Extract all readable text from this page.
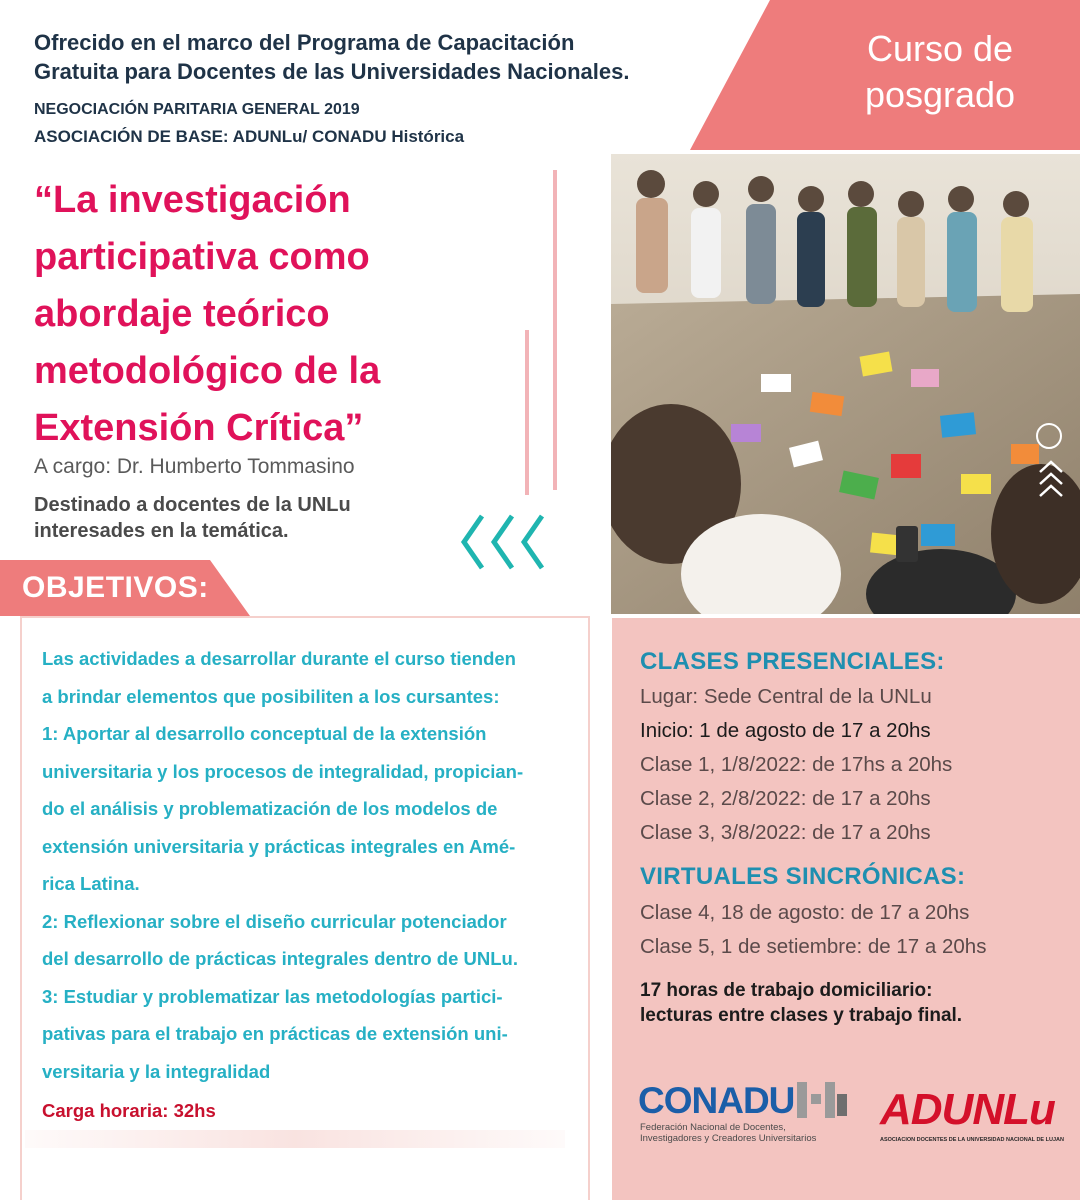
Curso de
posgrado
Ofrecido en el marco del Programa de Capacitación
Gratuita para Docentes de las Universidades Nacionales.
NEGOCIACIÓN PARITARIA GENERAL 2019
ASOCIACIÓN DE BASE: ADUNLu/ CONADU Histórica
“La investigación
participativa como
abordaje teórico
metodológico de la
Extensión Crítica”
A cargo: Dr. Humberto Tommasino
Destinado a docentes de la UNLu
interesades en la temática.
OBJETIVOS:

Las actividades a desarrollar durante el curso tienden

a brindar elementos que posibiliten a los cursantes:

1: Aportar al desarrollo conceptual de la extensión

universitaria y los procesos de integralidad, propician-

do el análisis y problematización de los modelos de

extensión universitaria y prácticas integrales en Amé-

rica Latina.

2: Reflexionar sobre el diseño curricular potenciador

del desarrollo de prácticas integrales dentro de UNLu.

3: Estudiar y problematizar las metodologías partici-

pativas para el trabajo en prácticas de extensión uni-

versitaria y la integralidad

Carga horaria: 32hs
CLASES PRESENCIALES:
Lugar: Sede Central de la UNLu
Inicio: 1 de agosto de 17 a 20hs
Clase 1, 1/8/2022: de 17hs a 20hs
Clase 2, 2/8/2022: de 17 a 20hs
Clase 3, 3/8/2022: de 17 a 20hs
VIRTUALES SINCRÓNICAS:
Clase 4, 18 de agosto: de 17 a 20hs
Clase 5, 1 de setiembre: de 17 a 20hs
17 horas de trabajo domiciliario:
lecturas entre clases y trabajo final.
CONADU
Federación Nacional de Docentes,
Investigadores y Creadores Universitarios
ADUNLu
ASOCIACION DOCENTES DE LA UNIVERSIDAD NACIONAL DE LUJAN
